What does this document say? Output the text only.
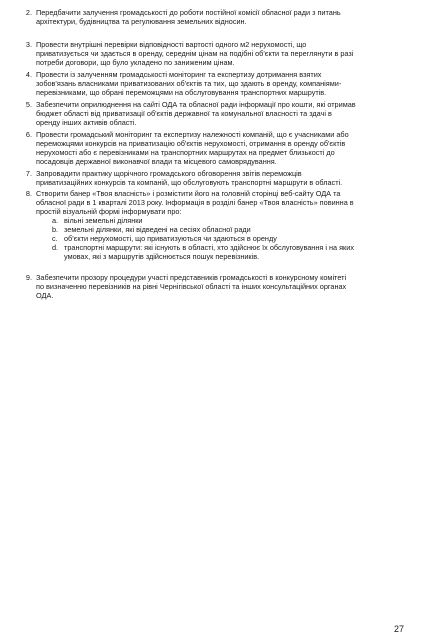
2. Передбачити залучення громадськості до роботи постійної комісії обласної ради з питань
архітектури, будівництва та регулювання земельних відносин.
3. Провести внутрішні перевірки відповідності вартості одного м2 нерухомості, що
приватизується чи здається в оренду, середнім цінам на подібні об'єкти та переглянути в разі
потреби договори, що було укладено по заниженим цінам.
4. Провести із залученням громадськості моніторинг та експертизу дотримання взятих
зобов'язань власниками приватизованих об'єктів та тих, що здають в оренду, компаніями-
перевізниками, що обрані переможцями на обслуговування транспортних маршрутів.
5. Забезпечити оприлюднення на сайті ОДА та обласної ради інформації про кошти, які отримав
бюджет області від приватизації об'єктів державної та комунальної власності та здачі в
оренду інших активів області.
6. Провести громадський моніторинг та експертизу належності компаній, що є учасниками або
переможцями конкурсів на приватизацію об'єктів нерухомості, отримання в оренду об'єктів
нерухомості або є перевізниками на транспортних маршрутах на предмет близькості до
посадовців державної виконавчої влади та місцевого самоврядування.
7. Запровадити практику щорічного громадського обговорення звітів переможців
приватизаційних конкурсів та компаній, що обслуговують транспортні маршрути в області.
8. Створити банер «Твоя власність» і розмістити його на головній сторінці веб-сайту ОДА та
обласної ради в 1 кварталі 2013 року. Інформація в розділі банер «Твоя власність» повинна в
простій візуальній формі інформувати про:
a. вільні земельні ділянки
b. земельні ділянки, які відведені на сесіях обласної ради
c. об'єкти нерухомості, що приватизуються чи здаються в оренду
d. транспортні маршрути: які існують в області, хто здійснює їх обслуговування і на яких
умовах, які з маршрутів здійснюється пошук перевізників.
9. Забезпечити прозору процедури участі представників громадськості в конкурсному комітеті
по визначенню перевізників на рівні Чернігівської області та інших консультаційних органах
ОДА.
27
